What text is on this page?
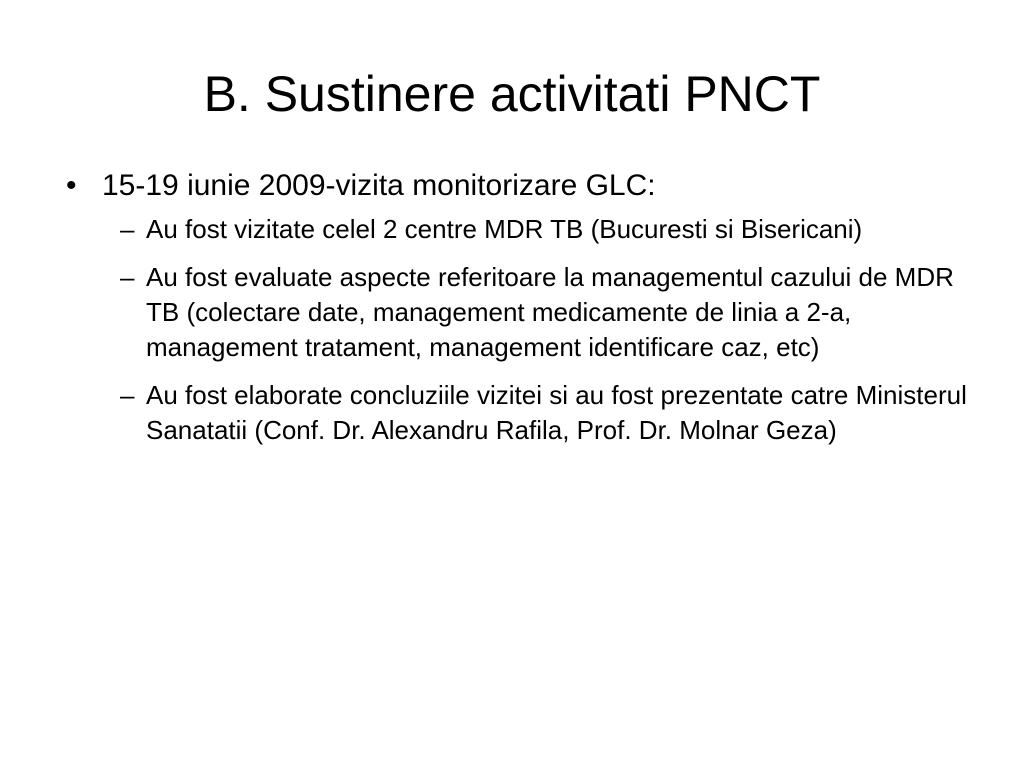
B. Sustinere activitati PNCT
• 15-19 iunie 2009-vizita monitorizare GLC:
– Au fost vizitate celel 2 centre MDR TB (Bucuresti si Bisericani)
– Au fost evaluate aspecte referitoare la managementul cazului de MDR TB (colectare date, management medicamente de linia a 2-a, management tratament, management identificare caz, etc)
– Au fost elaborate concluziile vizitei si au fost prezentate catre Ministerul Sanatatii (Conf. Dr. Alexandru Rafila, Prof. Dr. Molnar Geza)
